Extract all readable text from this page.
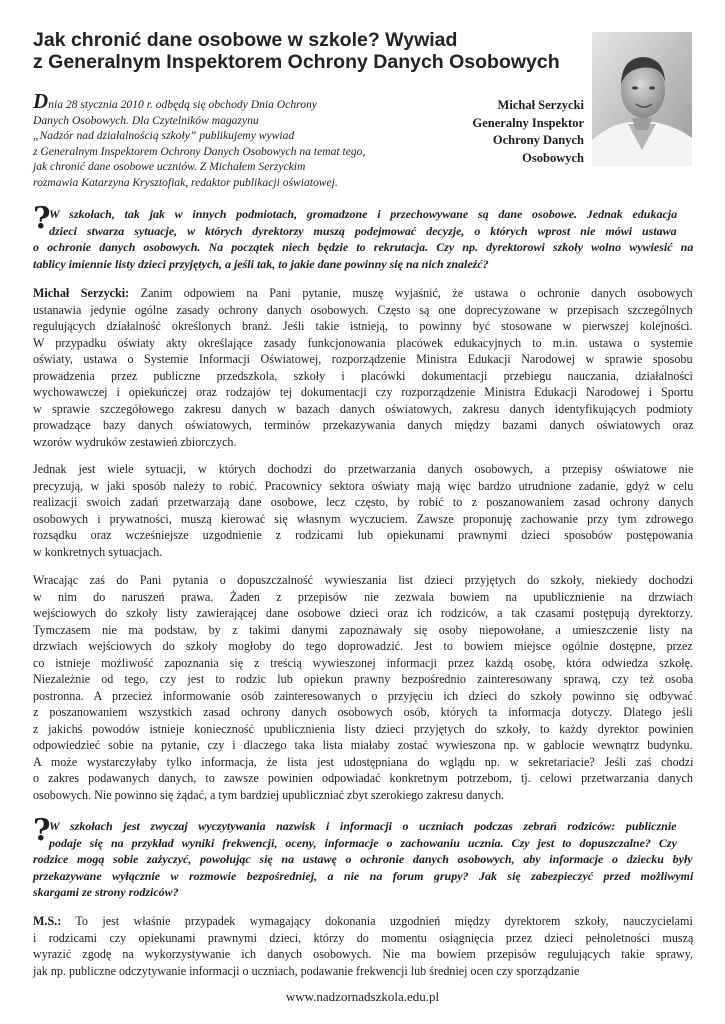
Jak chronić dane osobowe w szkole? Wywiad
z Generalnym Inspektorem Ochrony Danych Osobowych
Dnia 28 stycznia 2010 r. odbędą się obchody Dnia Ochrony
Danych Osobowych. Dla Czytelników magazynu
„Nadzór nad działalnością szkoły” publikujemy wywiad
z Generalnym Inspektorem Ochrony Danych Osobowych na temat tego,
jak chronić dane osobowe uczniów. Z Michałem Serzyckim
rozmawia Katarzyna Krysztofiak, redaktor publikacji oświatowej.
Michał Serzycki
Generalny Inspektor
Ochrony Danych
Osobowych
?
W szkołach, tak jak w innych podmiotach, gromadzone i przechowywane są dane osobowe. Jednak edukacja
dzieci stwarza sytuacje, w których dyrektorzy muszą podejmować decyzje, o których wprost nie mówi ustawa
o ochronie danych osobowych. Na początek niech będzie to rekrutacja. Czy np. dyrektorowi szkoły wolno wywiesić na
tablicy imiennie listy dzieci przyjętych, a jeśli tak, to jakie dane powinny się na nich znaleźć?
Michał Serzycki: Zanim odpowiem na Pani pytanie, muszę wyjaśnić, że ustawa o ochronie danych osobowych
ustanawia jedynie ogólne zasady ochrony danych osobowych. Często są one doprecyzowane w przepisach szczególnych
regulujących działalność określonych branż. Jeśli takie istnieją, to powinny być stosowane w pierwszej kolejności.
W przypadku oświaty akty określające zasady funkcjonowania placówek edukacyjnych to m.in. ustawa o systemie
oświaty, ustawa o Systemie Informacji Oświatowej, rozporządzenie Ministra Edukacji Narodowej w sprawie sposobu
prowadzenia przez publiczne przedszkola, szkoły i placówki dokumentacji przebiegu nauczania, działalności
wychowawczej i opiekuńczej oraz rodzajów tej dokumentacji czy rozporządzenie Ministra Edukacji Narodowej i Sportu
w sprawie szczegółowego zakresu danych w bazach danych oświatowych, zakresu danych identyfikujących podmioty
prowadzące bazy danych oświatowych, terminów przekazywania danych między bazami danych oświatowych oraz
wzorów wydruków zestawień zbiorczych.
Jednak jest wiele sytuacji, w których dochodzi do przetwarzania danych osobowych, a przepisy oświatowe nie
precyzują, w jaki sposób należy to robić. Pracownicy sektora oświaty mają więc bardzo utrudnione zadanie, gdyż w celu
realizacji swoich zadań przetwarzają dane osobowe, lecz często, by robić to z poszanowaniem zasad ochrony danych
osobowych i prywatności, muszą kierować się własnym wyczuciem. Zawsze proponuję zachowanie przy tym zdrowego
rozsądku oraz wcześniejsze uzgodnienie z rodzicami lub opiekunami prawnymi dzieci sposobów postępowania
w konkretnych sytuacjach.
Wracając zaś do Pani pytania o dopuszczalność wywieszania list dzieci przyjętych do szkoły, niekiedy dochodzi
w nim do naruszeń prawa. Żaden z przepisów nie zezwala bowiem na upublicznienie na drzwiach
wejściowych do szkoły listy zawierającej dane osobowe dzieci oraz ich rodziców, a tak czasami postępują dyrektorzy.
Tymczasem nie ma podstaw, by z takimi danymi zapoznawały się osoby niepowołane, a umieszczenie listy na
drzwiach wejściowych do szkoły mogłoby do tego doprowadzić. Jest to bowiem miejsce ogólnie dostępne, przez
co istnieje możliwość zapoznania się z treścią wywieszonej informacji przez każdą osobę, która odwiedza szkołę.
Niezależnie od tego, czy jest to rodzic lub opiekun prawny bezpośrednio zainteresowany sprawą, czy też osoba
postronna. A przecież informowanie osób zainteresowanych o przyjęciu ich dzieci do szkoły powinno się odbywać
z poszanowaniem wszystkich zasad ochrony danych osobowych osób, których ta informacja dotyczy. Dlatego jeśli
z jakichś powodów istnieje konieczność upublicznienia listy dzieci przyjętych do szkoły, to każdy dyrektor powinien
odpowiedzieć sobie na pytanie, czy i dlaczego taka lista miałaby zostać wywieszona np. w gablocie wewnątrz budynku.
A może wystarczyłaby tylko informacja, że lista jest udostępniana do wglądu np. w sekretariacie? Jeśli zaś chodzi
o zakres podawanych danych, to zawsze powinien odpowiadać konkretnym potrzebom, tj. celowi przetwarzania danych
osobowych. Nie powinno się żądać, a tym bardziej upubliczniać zbyt szerokiego zakresu danych.
?
W szkołach jest zwyczaj wyczytywania nazwisk i informacji o uczniach podczas zebrań rodziców: publicznie
podaje się na przykład wyniki frekwencji, oceny, informacje o zachowaniu ucznia. Czy jest to dopuszczalne? Czy
rodzice mogą sobie zażyczyć, powołując się na ustawę o ochronie danych osobowych, aby informacje o dziecku były
przekazywane wyłącznie w rozmowie bezpośredniej, a nie na forum grupy? Jak się zabezpieczyć przed możliwymi
skargami ze strony rodziców?
M.S.: To jest właśnie przypadek wymagający dokonania uzgodnień między dyrektorem szkoły, nauczycielami
i rodzicami czy opiekunami prawnymi dzieci, którzy do momentu osiągnięcia przez dzieci pełnoletności muszą
wyrazić zgodę na wykorzystywanie ich danych osobowych. Nie ma bowiem przepisów regulujących takie sprawy,
jak np. publiczne odczytywanie informacji o uczniach, podawanie frekwencji lub średniej ocen czy sporządzanie
www.nadzornadszkola.edu.pl
